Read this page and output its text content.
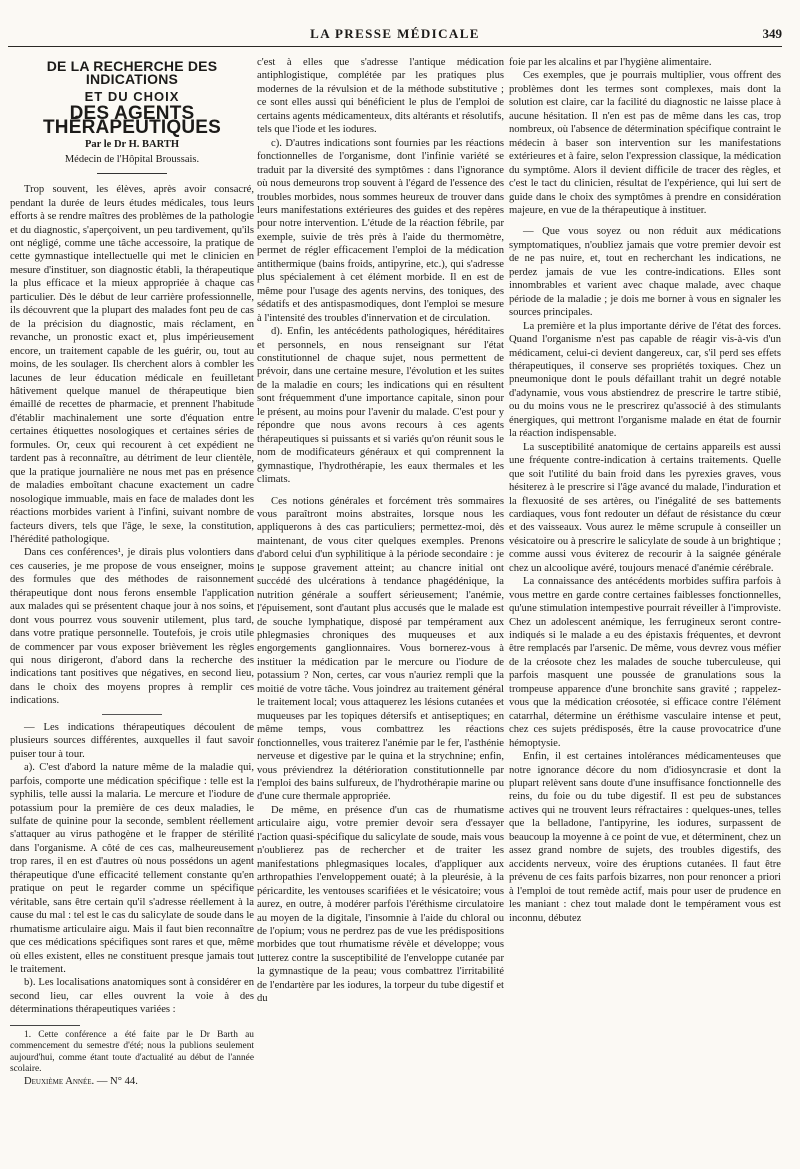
LA PRESSE MÉDICALE	349
DE LA RECHERCHE DES INDICATIONS
ET DU CHOIX
DES AGENTS THÉRAPEUTIQUES
Par le Dr H. BARTH
Médecin de l'Hôpital Broussais.

Trop souvent, les élèves, après avoir consacré, pendant la durée de leurs études médicales, tous leurs efforts à se rendre maîtres des problèmes de la pathologie et du diagnostic, s'aperçoivent, un peu tardivement, qu'ils ont négligé, comme une tâche accessoire, la pratique de cette gymnastique intellectuelle qui met le clinicien en mesure d'instituer, son diagnostic établi, la thérapeutique la plus efficace et la mieux appropriée à chaque cas particulier. Dès le début de leur carrière professionnelle, ils découvrent que la plupart des malades font peu de cas de la précision du diagnostic, mais réclament, en revanche, un pronostic exact et, plus impérieusement encore, un traitement capable de les guérir, ou, tout au moins, de les soulager. Ils cherchent alors à combler les lacunes de leur éducation médicale en feuilletant hâtivement quelque manuel de thérapeutique bien émaillé de recettes de pharmacie, et prennent l'habitude d'établir machinalement une sorte d'équation entre certaines étiquettes nosologiques et certaines séries de formules. Or, ceux qui recourent à cet expédient ne tardent pas à reconnaître, au détriment de leur clientèle, que la pratique journalière ne nous met pas en présence de maladies emboîtant chacune exactement un cadre nosologique immuable, mais en face de malades dont les réactions morbides varient à l'infini, suivant nombre de facteurs divers, tels que l'âge, le sexe, la constitution, l'hérédité pathologique.

Dans ces conférences¹, je dirais plus volontiers dans ces causeries, je me propose de vous enseigner, moins des formules que des méthodes de raisonnement thérapeutique dont nous ferons ensemble l'application aux malades qui se présentent chaque jour à nos soins, et dont vous pourrez vous souvenir utilement, plus tard, dans votre pratique personnelle. Toutefois, je crois utile de commencer par vous exposer brièvement les règles qui nous dirigeront, d'abord dans la recherche des indications tant positives que négatives, en second lieu, dans le choix des moyens propres à remplir ces indications.

— Les indications thérapeutiques découlent de plusieurs sources différentes, auxquelles il faut savoir puiser tour à tour.

a). C'est d'abord la nature même de la maladie qui, parfois, comporte une médication spécifique : telle est la syphilis, telle aussi la malaria. Le mercure et l'iodure de potassium pour la première de ces deux maladies, le sulfate de quinine pour la seconde, semblent réellement s'attaquer au virus pathogène et le frapper de stérilité dans l'organisme. A côté de ces cas, malheureusement trop rares, il en est d'autres où nous possédons un agent thérapeutique d'une efficacité tellement constante qu'en pratique on peut le regarder comme un spécifique véritable, sans être certain qu'il s'adresse réellement à la cause du mal : tel est le cas du salicylate de soude dans le rhumatisme articulaire aigu. Mais il faut bien reconnaître que ces médications spécifiques sont rares et que, même où elles existent, elles ne constituent presque jamais tout le traitement.

b). Les localisations anatomiques sont à considérer en second lieu, car elles ouvrent la voie à des déterminations thérapeutiques variées :

1. Cette conférence a été faite par le Dr Barth au commencement du semestre d'été; nous la publions seulement aujourd'hui, comme étant toute d'actualité au début de l'année scolaire.

Deuxième Année. — N° 44.

c'est à elles que s'adresse l'antique médication antiphlogistique, complétée par les pratiques plus modernes de la révulsion et de la méthode substitutive ; ce sont elles aussi qui bénéficient le plus de l'emploi de certains agents médicamenteux, dits altérants et résolutifs, tels que l'iode et les iodures.

c). D'autres indications sont fournies par les réactions fonctionnelles de l'organisme, dont l'infinie variété se traduit par la diversité des symptômes : dans l'ignorance où nous demeurons trop souvent à l'égard de l'essence des troubles morbides, nous sommes heureux de trouver dans leurs manifestations extérieures des guides et des repères pour notre intervention. L'étude de la réaction fébrile, par exemple, suivie de très près à l'aide du thermomètre, permet de régler efficacement l'emploi de la médication antithermique (bains froids, antipyrine, etc.), qui s'adresse plus spécialement à cet élément morbide. Il en est de même pour l'usage des agents nervins, des toniques, des sédatifs et des antispasmodiques, dont l'emploi se mesure à l'intensité des troubles d'innervation et de circulation.

d). Enfin, les antécédents pathologiques, héréditaires et personnels, en nous renseignant sur l'état constitutionnel de chaque sujet, nous permettent de prévoir, dans une certaine mesure, l'évolution et les suites de la maladie en cours; les indications qui en résultent sont fréquemment d'une importance capitale, sinon pour le présent, au moins pour l'avenir du malade. C'est pour y répondre que nous avons recours à ces agents thérapeutiques si puissants et si variés qu'on réunit sous le nom de modificateurs généraux et qui comprennent la gymnastique, l'hydrothérapie, les eaux thermales et les climats.

Ces notions générales et forcément très sommaires vous paraîtront moins abstraites, lorsque nous les appliquerons à des cas particuliers; permettez-moi, dès maintenant, de vous citer quelques exemples. Prenons d'abord celui d'un syphilitique à la période secondaire : je le suppose gravement atteint; au chancre initial ont succédé des ulcérations à tendance phagédénique, la nutrition générale a souffert sérieusement; l'anémie, l'épuisement, sont d'autant plus accusés que le malade est de souche lymphatique, disposé par tempérament aux phlegmasies chroniques des muqueuses et aux engorgements ganglionnaires. Vous bornerez-vous à instituer la médication par le mercure ou l'iodure de potassium ? Non, certes, car vous n'auriez rempli que la moitié de votre tâche. Vous joindrez au traitement général le traitement local; vous attaquerez les lésions cutanées et muqueuses par les topiques détersifs et antiseptiques; en même temps, vous combattrez les réactions fonctionnelles, vous traiterez l'anémie par le fer, l'asthénie nerveuse et digestive par le quina et la strychnine; enfin, vous préviendrez la détérioration constitutionnelle par l'emploi des bains sulfureux, de l'hydrothérapie marine ou d'une cure thermale appropriée.

De même, en présence d'un cas de rhumatisme articulaire aigu, votre premier devoir sera d'essayer l'action quasi-spécifique du salicylate de soude, mais vous n'oublierez pas de rechercher et de traiter les manifestations phlegmasiques locales, d'appliquer aux arthropathies l'enveloppement ouaté; à la pleurésie, à la péricardite, les ventouses scarifiées et le vésicatoire; vous aurez, en outre, à modérer parfois l'éréthisme circulatoire au moyen de la digitale, l'insomnie à l'aide du chloral ou de l'opium; vous ne perdrez pas de vue les prédispositions morbides que tout rhumatisme révèle et développe; vous lutterez contre la susceptibilité de l'enveloppe cutanée par la gymnastique de la peau; vous combattrez l'irritabilité de l'endartère par les iodures, la torpeur du tube digestif et du

foie par les alcalins et par l'hygiène alimentaire.

Ces exemples, que je pourrais multiplier, vous offrent des problèmes dont les termes sont complexes, mais dont la solution est claire, car la facilité du diagnostic ne laisse place à aucune hésitation. Il n'en est pas de même dans les cas, trop nombreux, où l'absence de détermination spécifique contraint le médecin à baser son intervention sur les manifestations extérieures et à faire, selon l'expression classique, la médication du symptôme. Alors il devient difficile de tracer des règles, et c'est le tact du clinicien, résultat de l'expérience, qui lui sert de guide dans le choix des symptômes à prendre en considération majeure, en vue de la thérapeutique à instituer.

— Que vous soyez ou non réduit aux médications symptomatiques, n'oubliez jamais que votre premier devoir est de ne pas nuire, et, tout en recherchant les indications, ne perdez jamais de vue les contre-indications. Elles sont innombrables et varient avec chaque malade, avec chaque période de la maladie ; je dois me borner à vous en signaler les sources principales.

La première et la plus importante dérive de l'état des forces. Quand l'organisme n'est pas capable de réagir vis-à-vis d'un médicament, celui-ci devient dangereux, car, s'il perd ses effets thérapeutiques, il conserve ses propriétés toxiques. Chez un pneumonique dont le pouls défaillant trahit un degré notable d'adynamie, vous vous abstiendrez de prescrire le tartre stibié, ou du moins vous ne le prescrirez qu'associé à des stimulants énergiques, qui mettront l'organisme malade en état de fournir la réaction indispensable.

La susceptibilité anatomique de certains appareils est aussi une fréquente contre-indication à certains traitements. Quelle que soit l'utilité du bain froid dans les pyrexies graves, vous hésiterez à le prescrire si l'âge avancé du malade, l'induration et la flexuosité de ses artères, ou l'inégalité de ses battements cardiaques, vous font redouter un défaut de résistance du cœur et des vaisseaux. Vous aurez le même scrupule à conseiller un vésicatoire ou à prescrire le salicylate de soude à un brightique ; comme aussi vous éviterez de recourir à la saignée générale chez un alcoolique avéré, toujours menacé d'anémie cérébrale.

La connaissance des antécédents morbides suffira parfois à vous mettre en garde contre certaines faiblesses fonctionnelles, qu'une stimulation intempestive pourrait réveiller à l'improviste. Chez un adolescent anémique, les ferrugineux seront contre-indiqués si le malade a eu des épistaxis fréquentes, et devront être remplacés par l'arsenic. De même, vous devrez vous méfier de la créosote chez les malades de souche tuberculeuse, qui parfois masquent une poussée de granulations sous la trompeuse apparence d'une bronchite sans gravité ; rappelez-vous que la médication créosotée, si efficace contre l'élément catarrhal, détermine un éréthisme vasculaire intense et peut, chez ces sujets prédisposés, être la cause provocatrice d'une hémoptysie.

Enfin, il est certaines intolérances médicamenteuses que notre ignorance décore du nom d'idiosyncrasie et dont la plupart relèvent sans doute d'une insuffisance fonctionnelle des reins, du foie ou du tube digestif. Il est peu de substances actives qui ne trouvent leurs réfractaires : quelques-unes, telles que la belladone, l'antipyrine, les iodures, surpassent de beaucoup la moyenne à ce point de vue, et déterminent, chez un assez grand nombre de sujets, des troubles digestifs, des accidents nerveux, voire des éruptions cutanées. Il faut être prévenu de ces faits parfois bizarres, non pour renoncer a priori à l'emploi de tout remède actif, mais pour user de prudence en les maniant : chez tout malade dont le tempérament vous est inconnu, débutez
